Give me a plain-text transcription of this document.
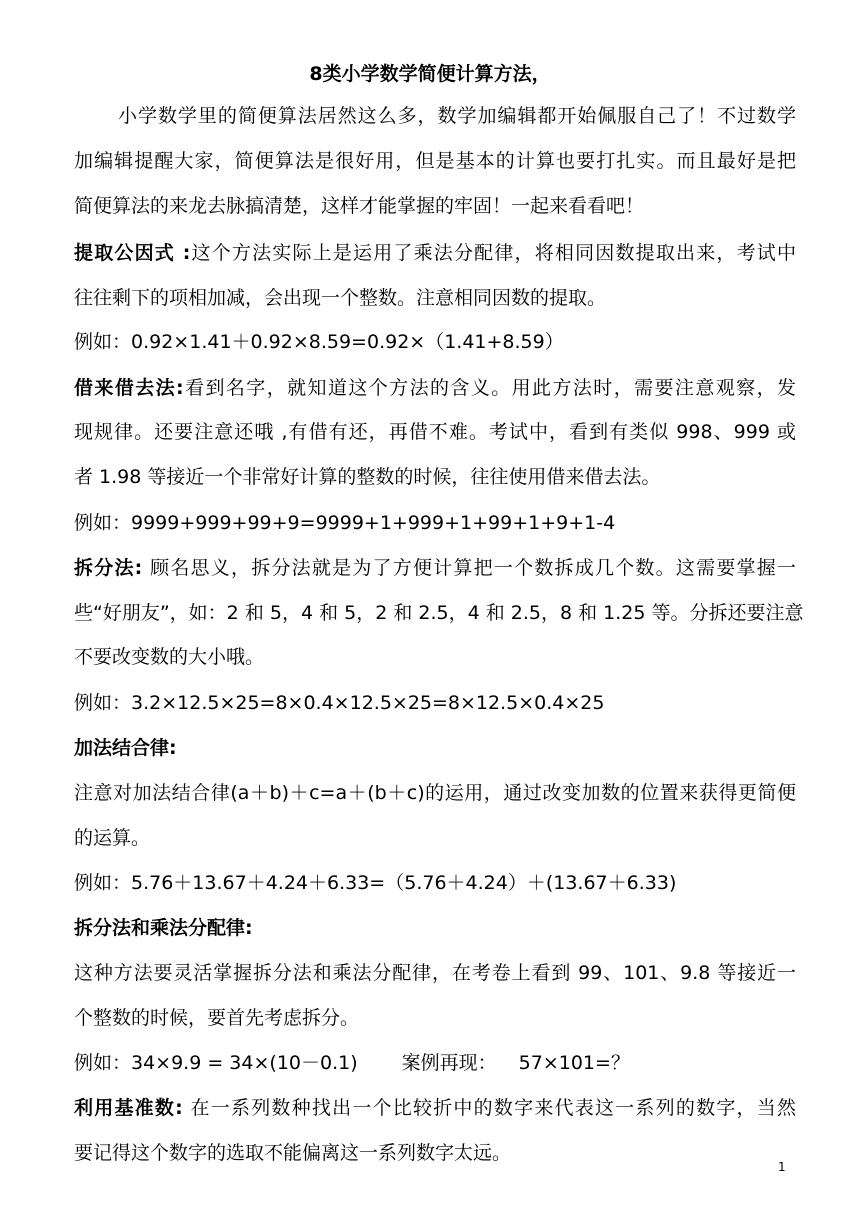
8类小学数学简便计算方法，
小学数学里的简便算法居然这么多，数学加编辑都开始佩服自己了！不过数学
加编辑提醒大家，简便算法是很好用，但是基本的计算也要打扎实。而且最好是把
简便算法的来龙去脉搞清楚，这样才能掌握的牢固！一起来看看吧！
提取公因式 :这个方法实际上是运用了乘法分配律，将相同因数提取出来，考试中
往往剩下的项相加减，会出现一个整数。注意相同因数的提取。
例如：0.92×1.41＋0.92×8.59=0.92×（1.41+8.59）
借来借去法:看到名字，就知道这个方法的含义。用此方法时，需要注意观察，发
现规律。还要注意还哦 ,有借有还，再借不难。考试中，看到有类似 998、999 或
者 1.98 等接近一个非常好计算的整数的时候，往往使用借来借去法。
例如：9999+999+99+9=9999+1+999+1+99+1+9+1-4
拆分法: 顾名思义，拆分法就是为了方便计算把一个数拆成几个数。这需要掌握一
些“好朋友”，如：2 和 5，4 和 5，2 和 2.5，4 和 2.5，8 和 1.25 等。分拆还要注意
不要改变数的大小哦。
例如：3.2×12.5×25=8×0.4×12.5×25=8×12.5×0.4×25
加法结合律:
注意对加法结合律(a＋b)＋c=a＋(b＋c)的运用，通过改变加数的位置来获得更简便
的运算。
例如：5.76＋13.67＋4.24＋6.33=（5.76＋4.24）＋(13.67＋6.33)
拆分法和乘法分配律:
这种方法要灵活掌握拆分法和乘法分配律，在考卷上看到 99、101、9.8 等接近一
个整数的时候，要首先考虑拆分。
例如：34×9.9 = 34×(10－0.1) 案例再现： 57×101=？
利用基准数: 在一系列数种找出一个比较折中的数字来代表这一系列的数字，当然
要记得这个数字的选取不能偏离这一系列数字太远。
1
